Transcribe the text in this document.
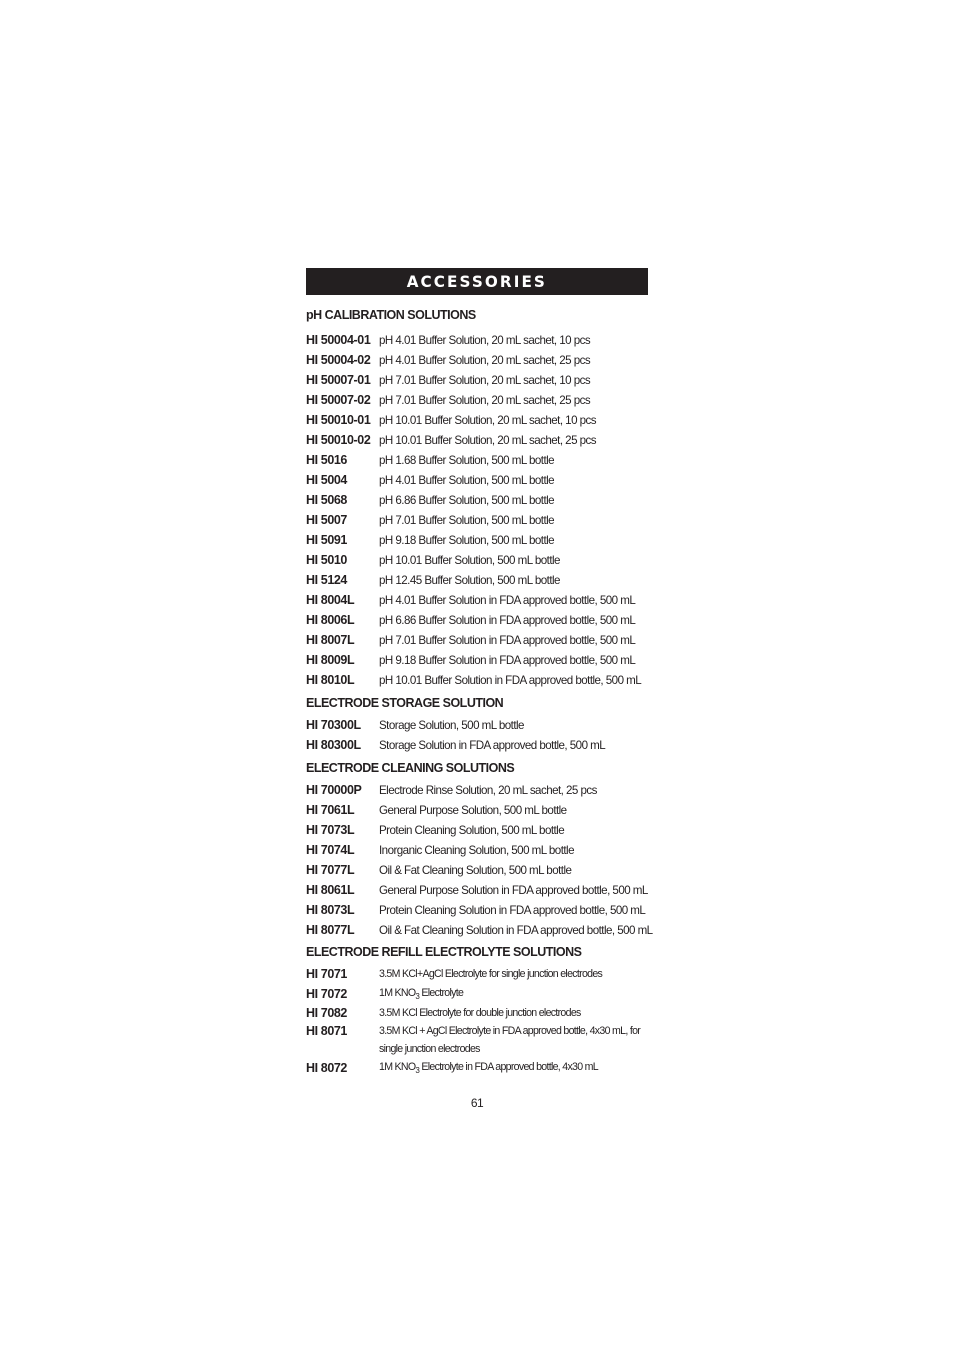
ACCESSORIES
pH CALIBRATION SOLUTIONS
HI 50004-01 pH 4.01 Buffer Solution, 20 mL sachet, 10 pcs
HI 50004-02 pH 4.01 Buffer Solution, 20 mL sachet, 25 pcs
HI 50007-01 pH 7.01 Buffer Solution, 20 mL sachet, 10 pcs
HI 50007-02 pH 7.01 Buffer Solution, 20 mL sachet, 25 pcs
HI 50010-01 pH 10.01 Buffer Solution, 20 mL sachet, 10 pcs
HI 50010-02 pH 10.01 Buffer Solution, 20 mL sachet, 25 pcs
HI 5016	pH 1.68 Buffer Solution, 500 mL bottle
HI 5004	pH 4.01 Buffer Solution, 500 mL bottle
HI 5068	pH 6.86 Buffer Solution, 500 mL bottle
HI 5007	pH 7.01 Buffer Solution, 500 mL bottle
HI 5091	pH 9.18 Buffer Solution, 500 mL bottle
HI 5010	pH 10.01 Buffer Solution, 500 mL bottle
HI 5124	pH 12.45 Buffer Solution, 500 mL bottle
HI 8004L	pH 4.01 Buffer Solution in FDA approved bottle, 500 mL
HI 8006L	pH 6.86 Buffer Solution in FDA approved bottle, 500 mL
HI 8007L	pH 7.01 Buffer Solution in FDA approved bottle, 500 mL
HI 8009L	pH 9.18 Buffer Solution in FDA approved bottle, 500 mL
HI 8010L	pH 10.01 Buffer Solution in FDA approved bottle, 500 mL
ELECTRODE STORAGE SOLUTION
HI 70300L	Storage Solution, 500 mL bottle
HI 80300L	Storage Solution in FDA approved bottle, 500 mL
ELECTRODE CLEANING SOLUTIONS
HI 70000P	Electrode Rinse Solution, 20 mL sachet, 25 pcs
HI 7061L	General Purpose Solution, 500 mL bottle
HI 7073L	Protein Cleaning Solution, 500 mL bottle
HI 7074L	Inorganic Cleaning Solution, 500 mL bottle
HI 7077L	Oil & Fat Cleaning Solution, 500 mL bottle
HI 8061L	General Purpose Solution in FDA approved bottle, 500 mL
HI 8073L	Protein Cleaning Solution in FDA approved bottle, 500 mL
HI 8077L	Oil & Fat Cleaning Solution in FDA approved bottle, 500 mL
ELECTRODE REFILL ELECTROLYTE SOLUTIONS
HI 7071	3.5M KCl+AgCl Electrolyte for single junction electrodes
HI 7072	1M $KNO_3$ Electrolyte
HI 7082	3.5M KCl Electrolyte for double junction electrodes
HI 8071	3.5M KCl + AgCl Electrolyte in FDA approved bottle, 4x30 mL, for single junction electrodes
HI 8072	1M $KNO_3$ Electrolyte in FDA approved bottle, 4x30 mL
61
